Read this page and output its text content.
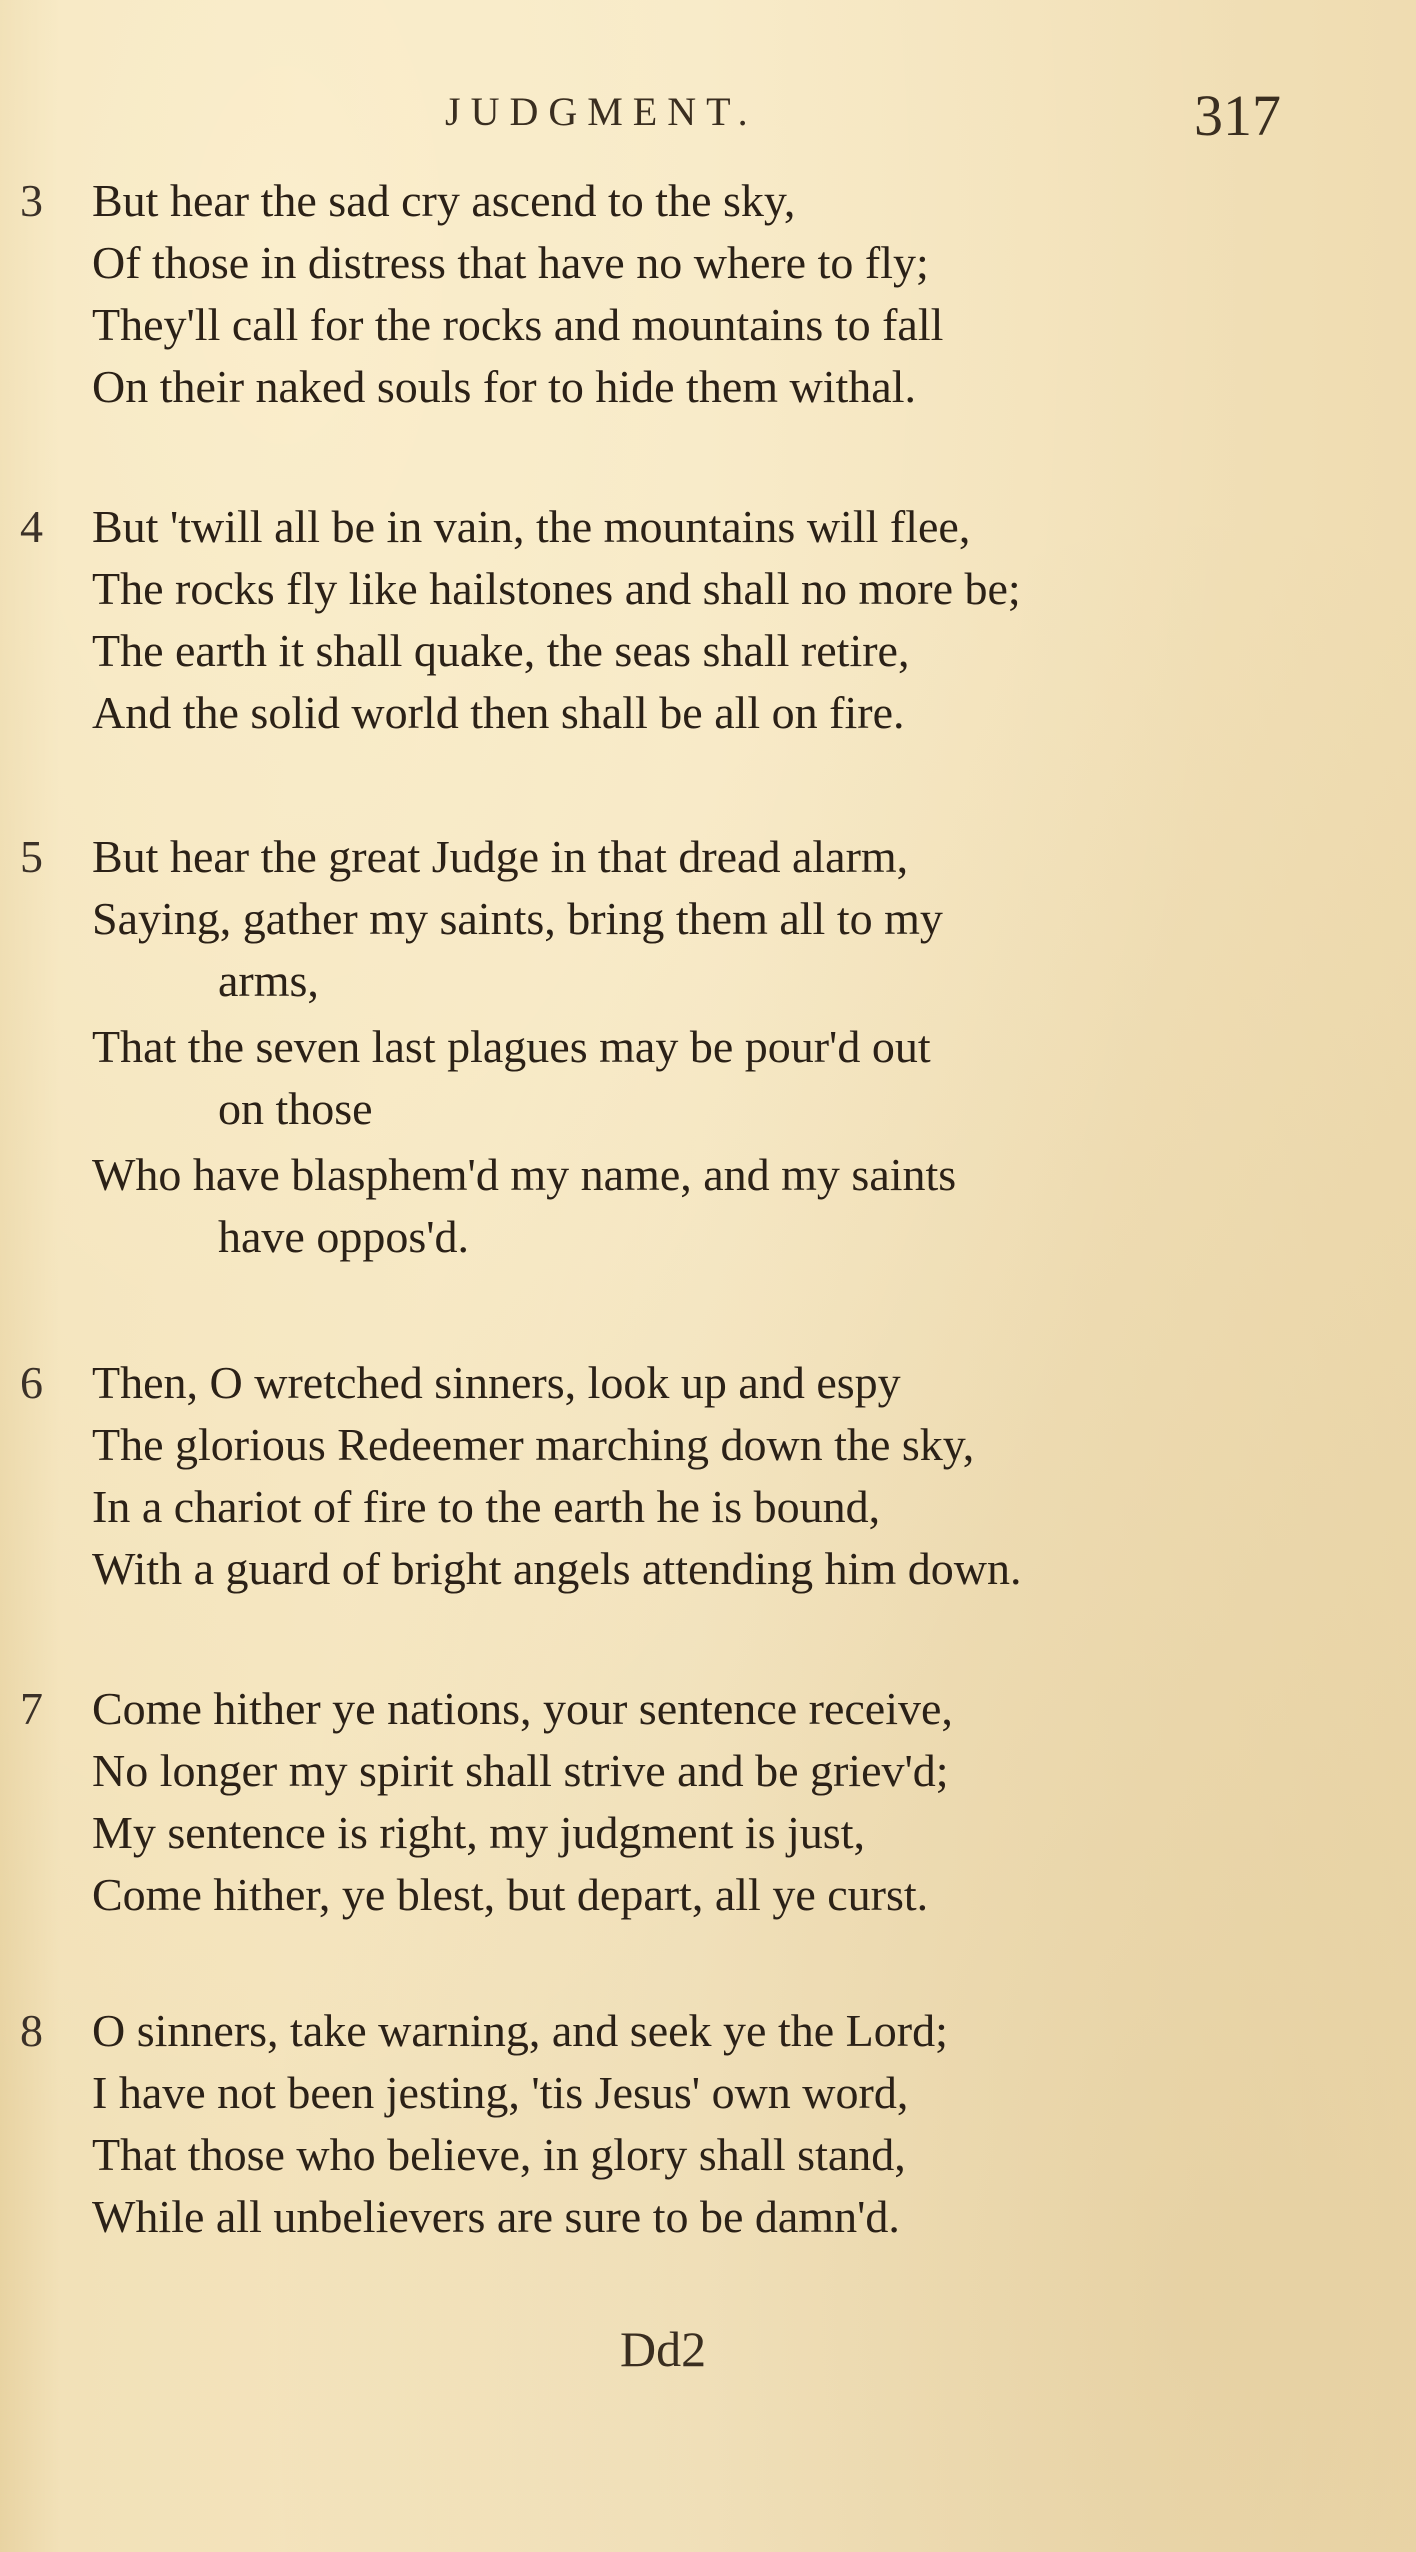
JUDGMENT.	317
3 But hear the sad cry ascend to the sky,
Of those in distress that have no where to fly;
They'll call for the rocks and mountains to fall
On their naked souls for to hide them withal.
4 But 'twill all be in vain, the mountains will flee,
The rocks fly like hailstones and shall no more be;
The earth it shall quake, the seas shall retire,
And the solid world then shall be all on fire.
5 But hear the great Judge in that dread alarm,
Saying, gather my saints, bring them all to my
arms,
That the seven last plagues may be pour'd out
on those
Who have blasphem'd my name, and my saints
have oppos'd.
6 Then, O wretched sinners, look up and espy
The glorious Redeemer marching down the sky,
In a chariot of fire to the earth he is bound,
With a guard of bright angels attending him down.
7 Come hither ye nations, your sentence receive,
No longer my spirit shall strive and be griev'd;
My sentence is right, my judgment is just,
Come hither, ye blest, but depart, all ye curst.
8 O sinners, take warning, and seek ye the Lord;
I have not been jesting, 'tis Jesus' own word,
That those who believe, in glory shall stand,
While all unbelievers are sure to be damn'd.
Dd2
